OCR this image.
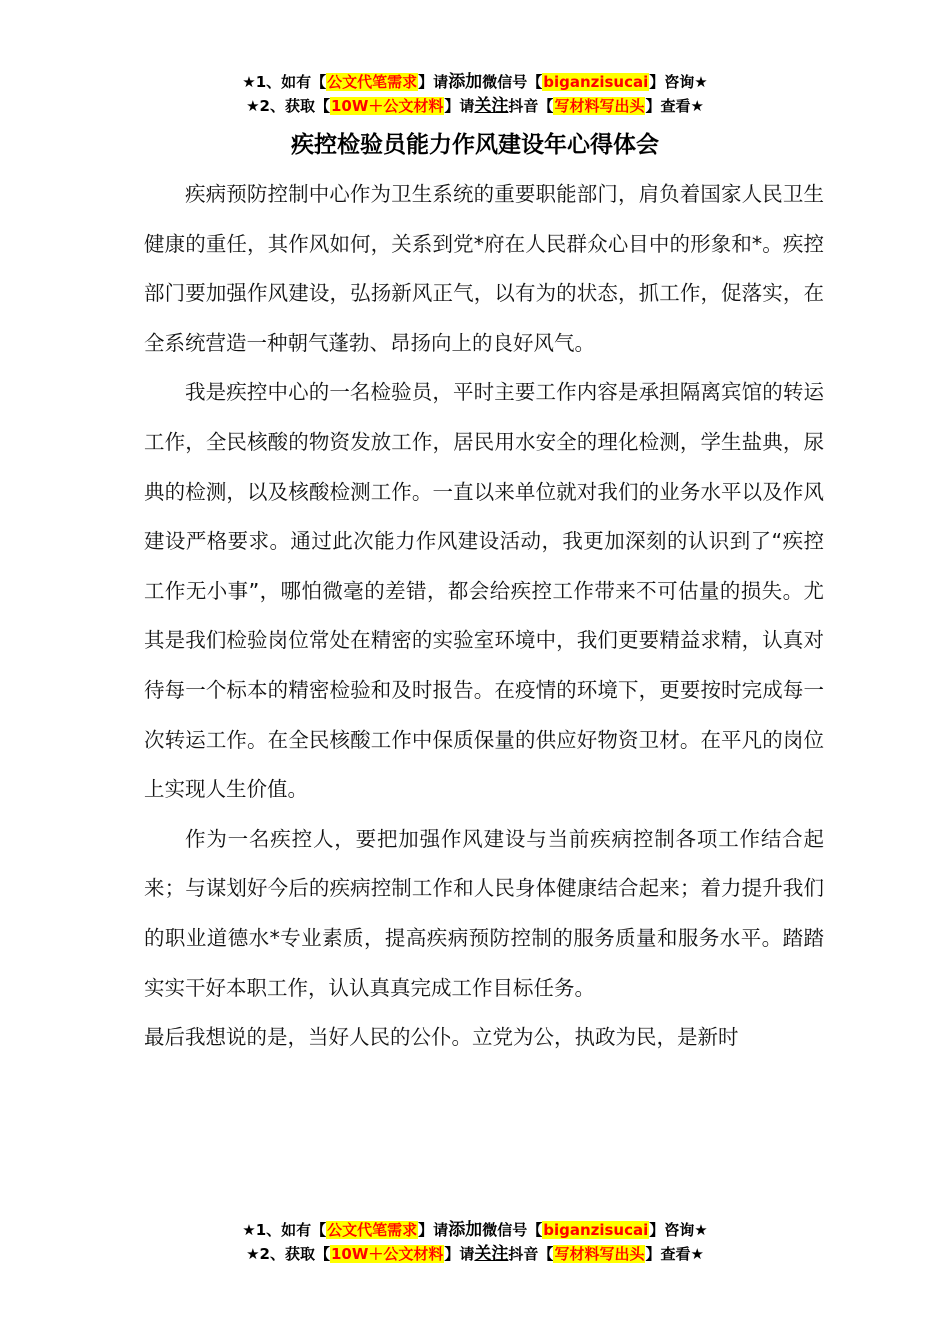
★1、如有【公文代笔需求】请添加微信号【biganzisucai】咨询★
★2、获取【10W＋公文材料】请关注抖音【写材料写出头】查看★
疾控检验员能力作风建设年心得体会

疾病预防控制中心作为卫生系统的重要职能部门，肩负着国家人民卫生健康的重任，其作风如何，关系到党*府在人民群众心目中的形象和*。疾控部门要加强作风建设，弘扬新风正气，以有为的状态，抓工作，促落实，在全系统营造一种朝气蓬勃、昂扬向上的良好风气。

我是疾控中心的一名检验员，平时主要工作内容是承担隔离宾馆的转运工作，全民核酸的物资发放工作，居民用水安全的理化检测，学生盐典，尿典的检测，以及核酸检测工作。一直以来单位就对我们的业务水平以及作风建设严格要求。通过此次能力作风建设活动，我更加深刻的认识到了“疾控工作无小事”，哪怕微毫的差错，都会给疾控工作带来不可估量的损失。尤其是我们检验岗位常处在精密的实验室环境中，我们更要精益求精，认真对待每一个标本的精密检验和及时报告。在疫情的环境下，更要按时完成每一次转运工作。在全民核酸工作中保质保量的供应好物资卫材。在平凡的岗位上实现人生价值。

作为一名疾控人，要把加强作风建设与当前疾病控制各项工作结合起来；与谋划好今后的疾病控制工作和人民身体健康结合起来；着力提升我们的职业道德水*专业素质，提高疾病预防控制的服务质量和服务水平。踏踏实实干好本职工作，认认真真完成工作目标任务。

最后我想说的是，当好人民的公仆。立党为公，执政为民，是新时

★1、如有【公文代笔需求】请添加微信号【biganzisucai】咨询★
★2、获取【10W＋公文材料】请关注抖音【写材料写出头】查看★
